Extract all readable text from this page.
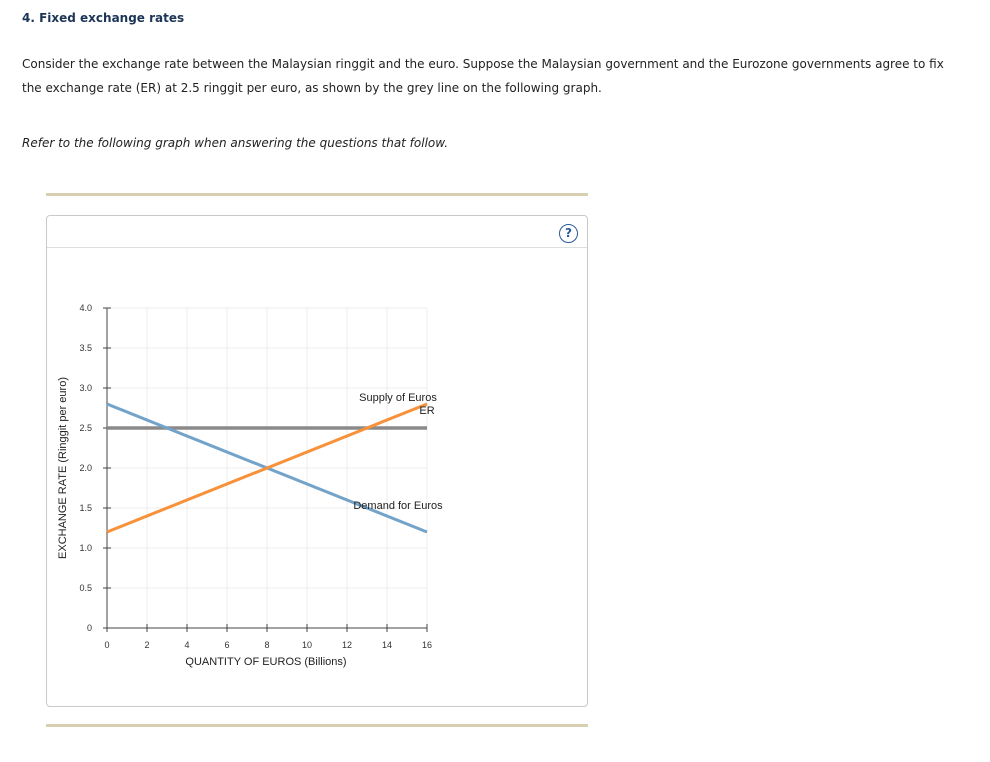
4. Fixed exchange rates
Consider the exchange rate between the Malaysian ringgit and the euro. Suppose the Malaysian government and the Eurozone governments agree to fix the exchange rate (ER) at 2.5 ringgit per euro, as shown by the grey line on the following graph.
Refer to the following graph when answering the questions that follow.
?
0
0.5
1.0
1.5
2.0
2.5
3.0
3.5
4.0
0	2	4	6	8	10	12	14	16
QUANTITY OF EUROS (Billions)
EXCHANGE RATE (Ringgit per euro)	Supply of Euros
Demand for Euros
ER
